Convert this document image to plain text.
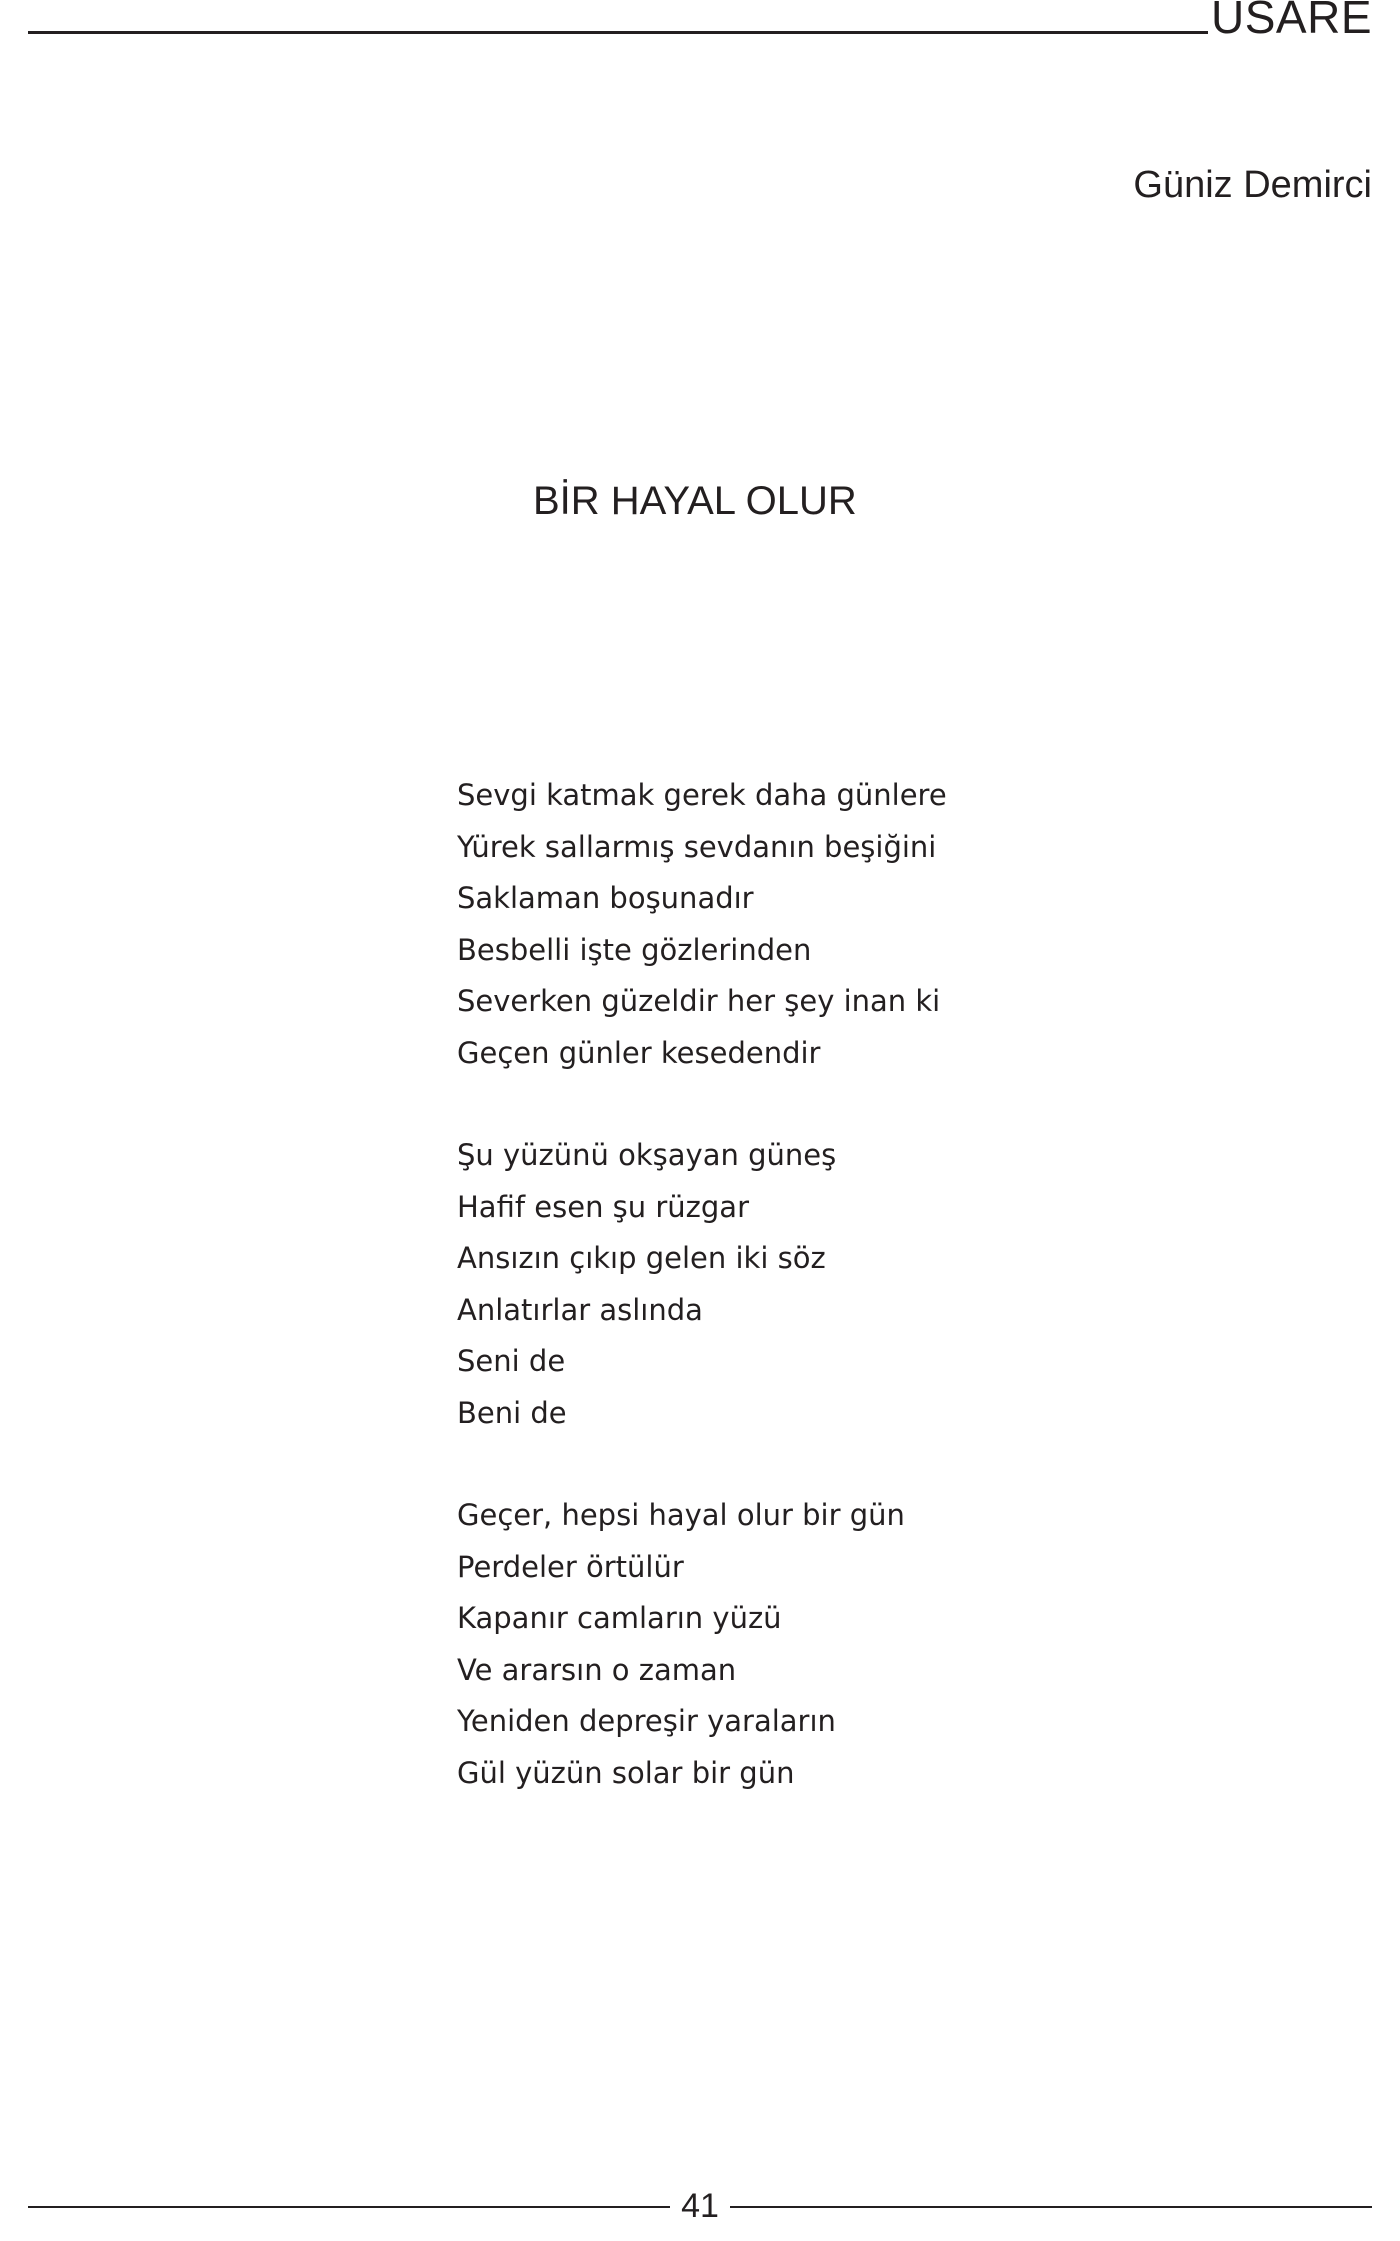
USARE
Güniz Demirci
BİR HAYAL OLUR
Sevgi katmak gerek daha günlere
Yürek sallarmış sevdanın beşiğini
Saklaman boşunadır
Besbelli işte gözlerinden
Severken güzeldir her şey inan ki
Geçen günler kesedendir
Şu yüzünü okşayan güneş
Hafif esen şu rüzgar
Ansızın çıkıp gelen iki söz
Anlatırlar aslında
Seni de
Beni de
Geçer, hepsi hayal olur bir gün
Perdeler örtülür
Kapanır camların yüzü
Ve ararsın o zaman
Yeniden depreşir yaraların
Gül yüzün solar bir gün
41
